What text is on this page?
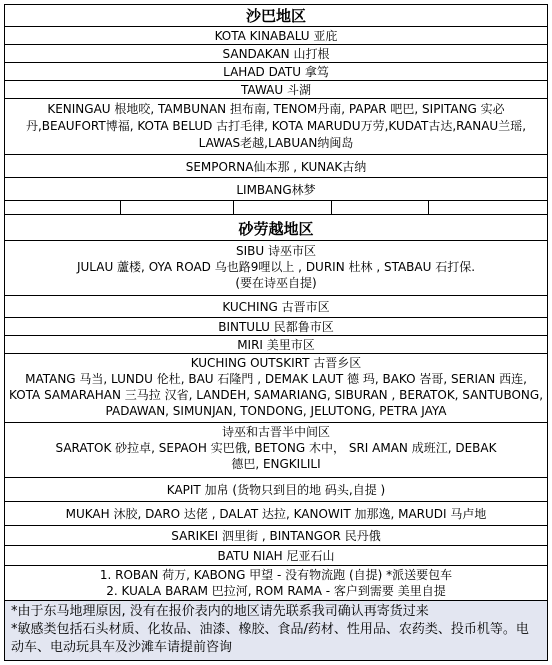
沙巴地区
KOTA KINABALU 亚庇
SANDAKAN 山打根
LAHAD DATU 拿笃
TAWAU 斗湖
KENINGAU 根地咬, TAMBUNAN 担布南, TENOM丹南, PAPAR 吧巴, SIPITANG 实必丹,BEAUFORT博福, KOTA BELUD 古打毛律, KOTA MARUDU万劳,KUDAT古达,RANAU兰瑶, LAWAS老越,LABUAN纳闽岛
SEMPORNA仙本那 , KUNAK古纳
LIMBANG林梦
砂劳越地区
SIBU 诗巫市区
JULAU 蘆楼, OYA ROAD 乌也路9哩以上 , DURIN 杜林 , STABAU 石打保.
(要在诗巫自提)
KUCHING 古晋市区
BINTULU 民都鲁市区
MIRI 美里市区
KUCHING OUTSKIRT 古晋乡区
MATANG 马当, LUNDU 伦杜, BAU 石隆門 , DEMAK LAUT 德 玛, BAKO 峇哥, SERIAN 西连, KOTA SAMARAHAN 三马拉 汉省, LANDEH, SAMARIANG, SIBURAN , BERATOK, SANTUBONG, PADAWAN, SIMUNJAN, TONDONG, JELUTONG, PETRA JAYA
诗巫和古晋半中间区
SARATOK 砂拉卓, SEPAOH 实巴俄, BETONG 木中， SRI AMAN 成班江, DEBAK 德巴, ENGKILILI
KAPIT 加帛 (货物只到目的地 码头,自提 )
MUKAH 沐胶, DARO 达佬 , DALAT 达拉, KANOWIT 加那逸, MARUDI 马卢地
SARIKEI 泗里街 , BINTANGOR 民丹俄
BATU NIAH 尼亚石山
1. ROBAN 荷万, KABONG 甲望 - 没有物流跑 (自提) *派送要包车
2. KUALA BARAM 巴拉河, ROM RAMA - 客户到需要 美里自提
*由于东马地理原因, 没有在报价表内的地区请先联系我司确认再寄货过来
*敏感类包括石头材质、化妆品、油漆、橡胶、食品/药材、性用品、农药类、投币机等。电动车、电动玩具车及沙滩车请提前咨询
